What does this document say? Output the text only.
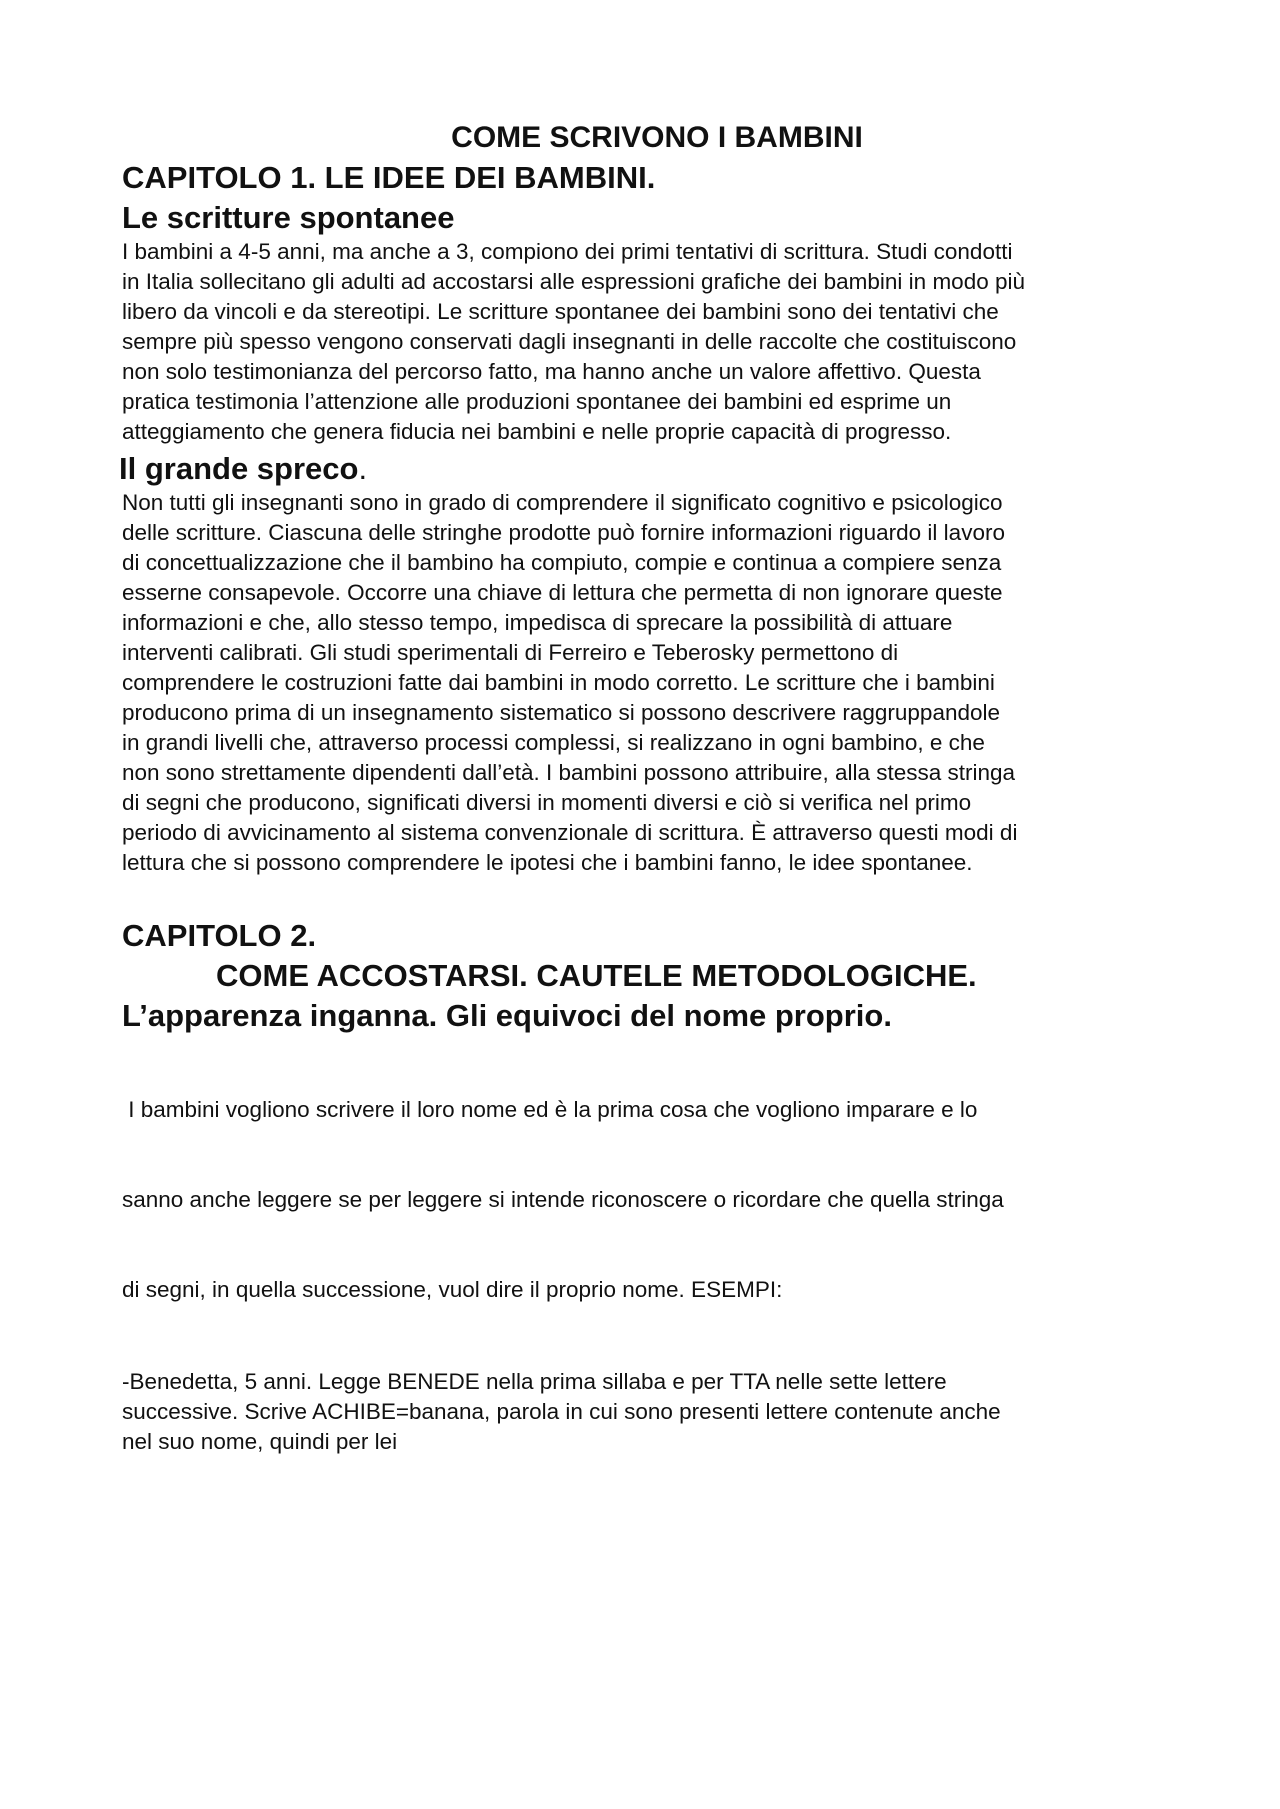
COME SCRIVONO I BAMBINI
CAPITOLO 1. LE IDEE DEI BAMBINI.
Le scritture spontanee

I bambini a 4-5 anni, ma anche a 3, compiono dei primi tentativi di scrittura. Studi condotti
in Italia sollecitano gli adulti ad accostarsi alle espressioni grafiche dei bambini in modo più
libero da vincoli e da stereotipi. Le scritture spontanee dei bambini sono dei tentativi che
sempre più spesso vengono conservati dagli insegnanti in delle raccolte che costituiscono
non solo testimonianza del percorso fatto, ma hanno anche un valore affettivo. Questa
pratica testimonia l’attenzione alle produzioni spontanee dei bambini ed esprime un
atteggiamento che genera fiducia nei bambini e nelle proprie capacità di progresso.

Il grande spreco.

Non tutti gli insegnanti sono in grado di comprendere il significato cognitivo e psicologico
delle scritture. Ciascuna delle stringhe prodotte può fornire informazioni riguardo il lavoro
di concettualizzazione che il bambino ha compiuto, compie e continua a compiere senza
esserne consapevole. Occorre una chiave di lettura che permetta di non ignorare queste
informazioni e che, allo stesso tempo, impedisca di sprecare la possibilità di attuare
interventi calibrati. Gli studi sperimentali di Ferreiro e Teberosky permettono di
comprendere le costruzioni fatte dai bambini in modo corretto. Le scritture che i bambini
producono prima di un insegnamento sistematico si possono descrivere raggruppandole
in grandi livelli che, attraverso processi complessi, si realizzano in ogni bambino, e che
non sono strettamente dipendenti dall’età. I bambini possono attribuire, alla stessa stringa
di segni che producono, significati diversi in momenti diversi e ciò si verifica nel primo
periodo di avvicinamento al sistema convenzionale di scrittura. È attraverso questi modi di
lettura che si possono comprendere le ipotesi che i bambini fanno, le idee spontanee.

CAPITOLO 2.
COME ACCOSTARSI. CAUTELE METODOLOGICHE.
L’apparenza inganna. Gli equivoci del nome proprio.

I bambini vogliono scrivere il loro nome ed è la prima cosa che vogliono imparare e lo

sanno anche leggere se per leggere si intende riconoscere o ricordare che quella stringa

di segni, in quella successione, vuol dire il proprio nome. ESEMPI:

-Benedetta, 5 anni. Legge BENEDE nella prima sillaba e per TTA nelle sette lettere
successive. Scrive ACHIBE=banana, parola in cui sono presenti lettere contenute anche
nel suo nome, quindi per lei
